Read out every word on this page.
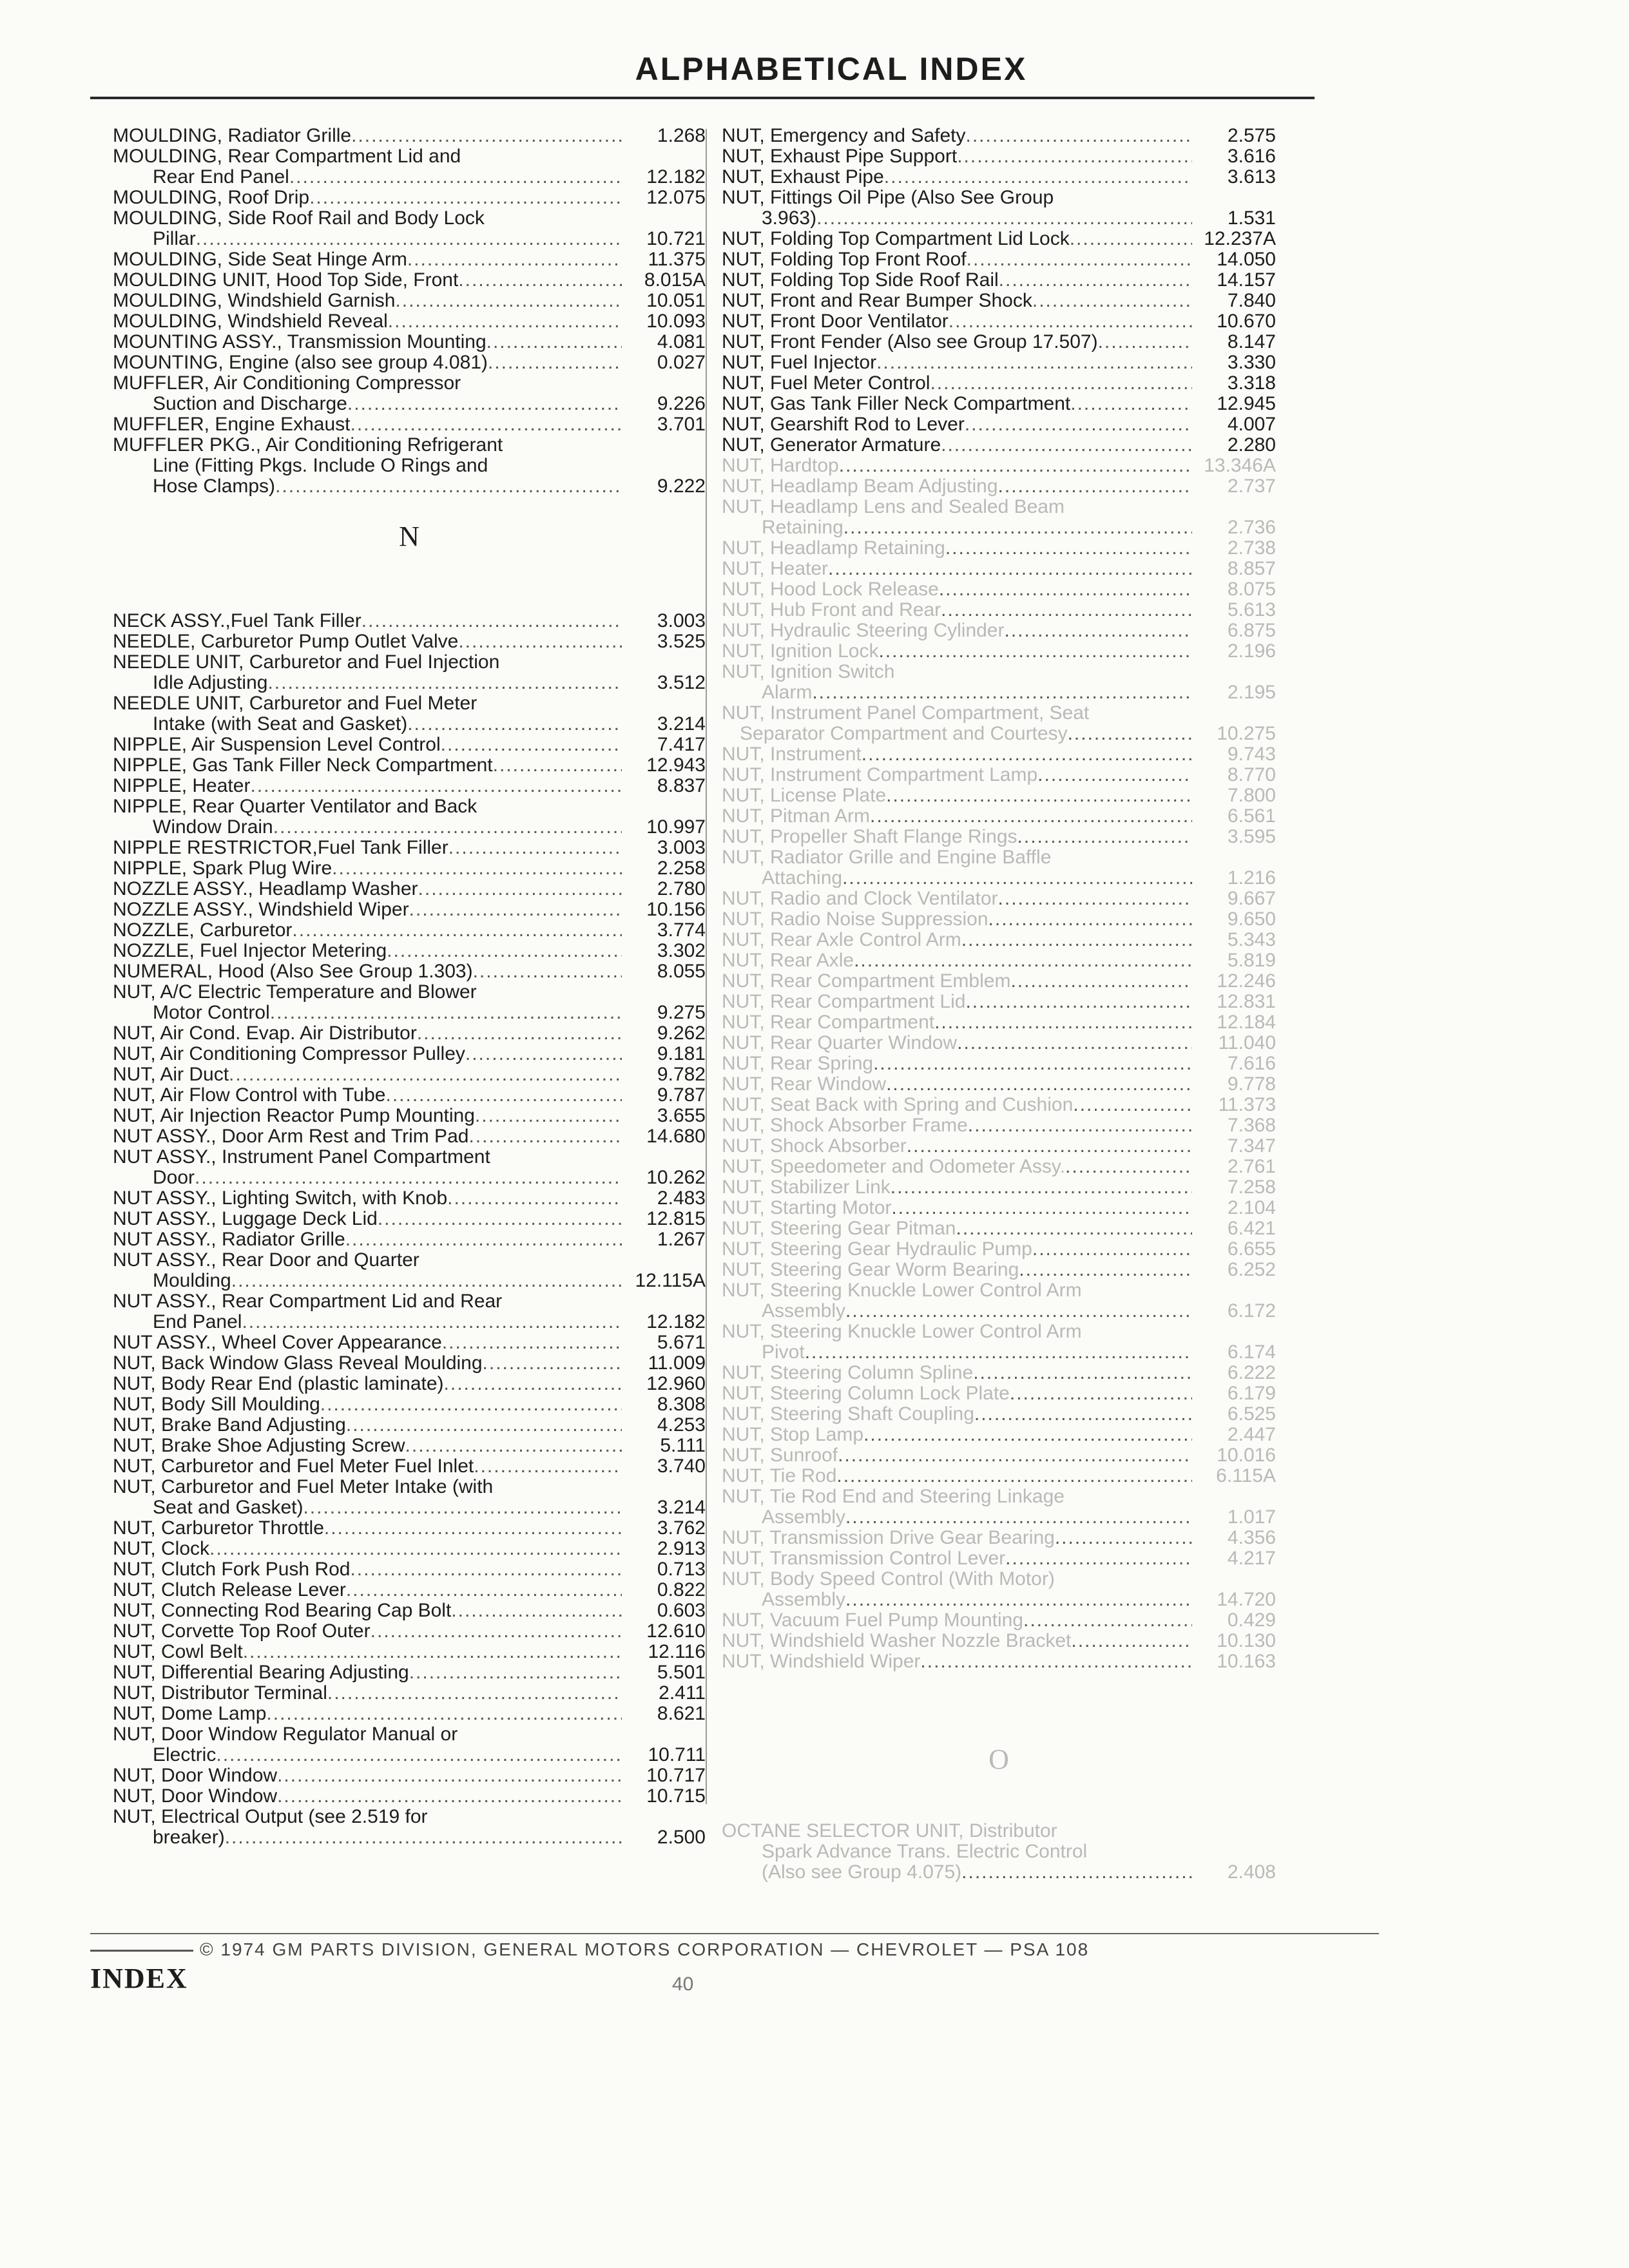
ALPHABETICAL INDEX
MOULDING, Radiator Grille .....	1.268
MOULDING, Rear Compartment Lid and
Rear End Panel .....	12.182
MOULDING, Roof Drip .....	12.075
MOULDING, Side Roof Rail and Body Lock
Pillar .....	10.721
MOULDING, Side Seat Hinge Arm .....	11.375
MOULDING UNIT, Hood Top Side, Front .....	8.015A
MOULDING, Windshield Garnish .....	10.051
MOULDING, Windshield Reveal .....	10.093
MOUNTING ASSY., Transmission Mounting .....	4.081
MOUNTING, Engine (also see group 4.081) .....	0.027
MUFFLER, Air Conditioning Compressor
Suction and Discharge .....	9.226
MUFFLER, Engine Exhaust .....	3.701
MUFFLER PKG., Air Conditioning Refrigerant
Line (Fitting Pkgs. Include O Rings and
Hose Clamps) .....	9.222
N
NECK ASSY.,Fuel Tank Filler .....	3.003
NEEDLE, Carburetor Pump Outlet Valve .....	3.525
NEEDLE UNIT, Carburetor and Fuel Injection
Idle Adjusting .....	3.512
NEEDLE UNIT, Carburetor and Fuel Meter
Intake (with Seat and Gasket) .....	3.214
NIPPLE, Air Suspension Level Control .....	7.417
NIPPLE, Gas Tank Filler Neck Compartment .....	12.943
NIPPLE, Heater .....	8.837
NIPPLE, Rear Quarter Ventilator and Back
Window Drain .....	10.997
NIPPLE RESTRICTOR,Fuel Tank Filler .....	3.003
NIPPLE, Spark Plug Wire .....	2.258
NOZZLE ASSY., Headlamp Washer .....	2.780
NOZZLE ASSY., Windshield Wiper .....	10.156
NOZZLE, Carburetor .....	3.774
NOZZLE, Fuel Injector Metering .....	3.302
NUMERAL, Hood (Also See Group 1.303) .....	8.055
NUT, A/C Electric Temperature and Blower
Motor Control .....	9.275
NUT, Air Cond. Evap. Air Distributor .....	9.262
NUT, Air Conditioning Compressor Pulley .....	9.181
NUT, Air Duct .....	9.782
NUT, Air Flow Control with Tube .....	9.787
NUT, Air Injection Reactor Pump Mounting .....	3.655
NUT ASSY., Door Arm Rest and Trim Pad .....	14.680
NUT ASSY., Instrument Panel Compartment
Door .....	10.262
NUT ASSY., Lighting Switch, with Knob .....	2.483
NUT ASSY., Luggage Deck Lid .....	12.815
NUT ASSY., Radiator Grille .....	1.267
NUT ASSY., Rear Door and Quarter
Moulding .....	12.115A
NUT ASSY., Rear Compartment Lid and Rear
End Panel .....	12.182
NUT ASSY., Wheel Cover Appearance .....	5.671
NUT, Back Window Glass Reveal Moulding .....	11.009
NUT, Body Rear End (plastic laminate) .....	12.960
NUT, Body Sill Moulding .....	8.308
NUT, Brake Band Adjusting .....	4.253
NUT, Brake Shoe Adjusting Screw .....	5.111
NUT, Carburetor and Fuel Meter Fuel Inlet .....	3.740
NUT, Carburetor and Fuel Meter Intake (with
Seat and Gasket) .....	3.214
NUT, Carburetor Throttle .....	3.762
NUT, Clock .....	2.913
NUT, Clutch Fork Push Rod .....	0.713
NUT, Clutch Release Lever .....	0.822
NUT, Connecting Rod Bearing Cap Bolt .....	0.603
NUT, Corvette Top Roof Outer .....	12.610
NUT, Cowl Belt .....	12.116
NUT, Differential Bearing Adjusting .....	5.501
NUT, Distributor Terminal .....	2.411
NUT, Dome Lamp .....	8.621
NUT, Door Window Regulator Manual or
Electric .....	10.711
NUT, Door Window .....	10.717
NUT, Door Window .....	10.715
NUT, Electrical Output (see 2.519 for
breaker) .....	2.500
NUT, Emergency and Safety .....	2.575
NUT, Exhaust Pipe Support .....	3.616
NUT, Exhaust Pipe .....	3.613
NUT, Fittings Oil Pipe (Also See Group
3.963) .....	1.531
NUT, Folding Top Compartment Lid Lock .....	12.237A
NUT, Folding Top Front Roof .....	14.050
NUT, Folding Top Side Roof Rail .....	14.157
NUT, Front and Rear Bumper Shock .....	7.840
NUT, Front Door Ventilator .....	10.670
NUT, Front Fender (Also see Group 17.507) .....	8.147
NUT, Fuel Injector .....	3.330
NUT, Fuel Meter Control .....	3.318
NUT, Gas Tank Filler Neck Compartment .....	12.945
NUT, Gearshift Rod to Lever .....	4.007
NUT, Generator Armature .....	2.280
NUT, Hardtop .....	13.346A
NUT, Headlamp Beam Adjusting .....	2.737
NUT, Headlamp Lens and Sealed Beam
Retaining .....	2.736
NUT, Headlamp Retaining .....	2.738
NUT, Heater .....	8.857
NUT, Hood Lock Release .....	8.075
NUT, Hub Front and Rear .....	5.613
NUT, Hydraulic Steering Cylinder .....	6.875
NUT, Ignition Lock .....	2.196
NUT, Ignition Switch
Alarm .....	2.195
NUT, Instrument Panel Compartment, Seat
Separator Compartment and Courtesy .....	10.275
NUT, Instrument .....	9.743
NUT, Instrument Compartment Lamp .....	8.770
NUT, License Plate .....	7.800
NUT, Pitman Arm .....	6.561
NUT, Propeller Shaft Flange Rings .....	3.595
NUT, Radiator Grille and Engine Baffle
Attaching .....	1.216
NUT, Radio and Clock Ventilator .....	9.667
NUT, Radio Noise Suppression .....	9.650
NUT, Rear Axle Control Arm .....	5.343
NUT, Rear Axle .....	5.819
NUT, Rear Compartment Emblem .....	12.246
NUT, Rear Compartment Lid .....	12.831
NUT, Rear Compartment .....	12.184
NUT, Rear Quarter Window .....	11.040
NUT, Rear Spring .....	7.616
NUT, Rear Window .....	9.778
NUT, Seat Back with Spring and Cushion .....	11.373
NUT, Shock Absorber Frame .....	7.368
NUT, Shock Absorber .....	7.347
NUT, Speedometer and Odometer Assy. .....	2.761
NUT, Stabilizer Link .....	7.258
NUT, Starting Motor .....	2.104
NUT, Steering Gear Pitman .....	6.421
NUT, Steering Gear Hydraulic Pump .....	6.655
NUT, Steering Gear Worm Bearing .....	6.252
NUT, Steering Knuckle Lower Control Arm
Assembly .....	6.172
NUT, Steering Knuckle Lower Control Arm
Pivot .....	6.174
NUT, Steering Column Spline .....	6.222
NUT, Steering Column Lock Plate .....	6.179
NUT, Steering Shaft Coupling .....	6.525
NUT, Stop Lamp .....	2.447
NUT, Sunroof .....	10.016
NUT, Tie Rod .....	6.115A
NUT, Tie Rod End and Steering Linkage
Assembly .....	1.017
NUT, Transmission Drive Gear Bearing .....	4.356
NUT, Transmission Control Lever .....	4.217
NUT, Body Speed Control (With Motor)
Assembly .....	14.720
NUT, Vacuum Fuel Pump Mounting .....	0.429
NUT, Windshield Washer Nozzle Bracket .....	10.130
NUT, Windshield Wiper .....	10.163
O
OCTANE SELECTOR UNIT, Distributor
Spark Advance Trans. Electric Control
(Also see Group 4.075) .....	2.408
© 1974 GM PARTS DIVISION, GENERAL MOTORS CORPORATION — CHEVROLET — PSA 108
INDEX	40
